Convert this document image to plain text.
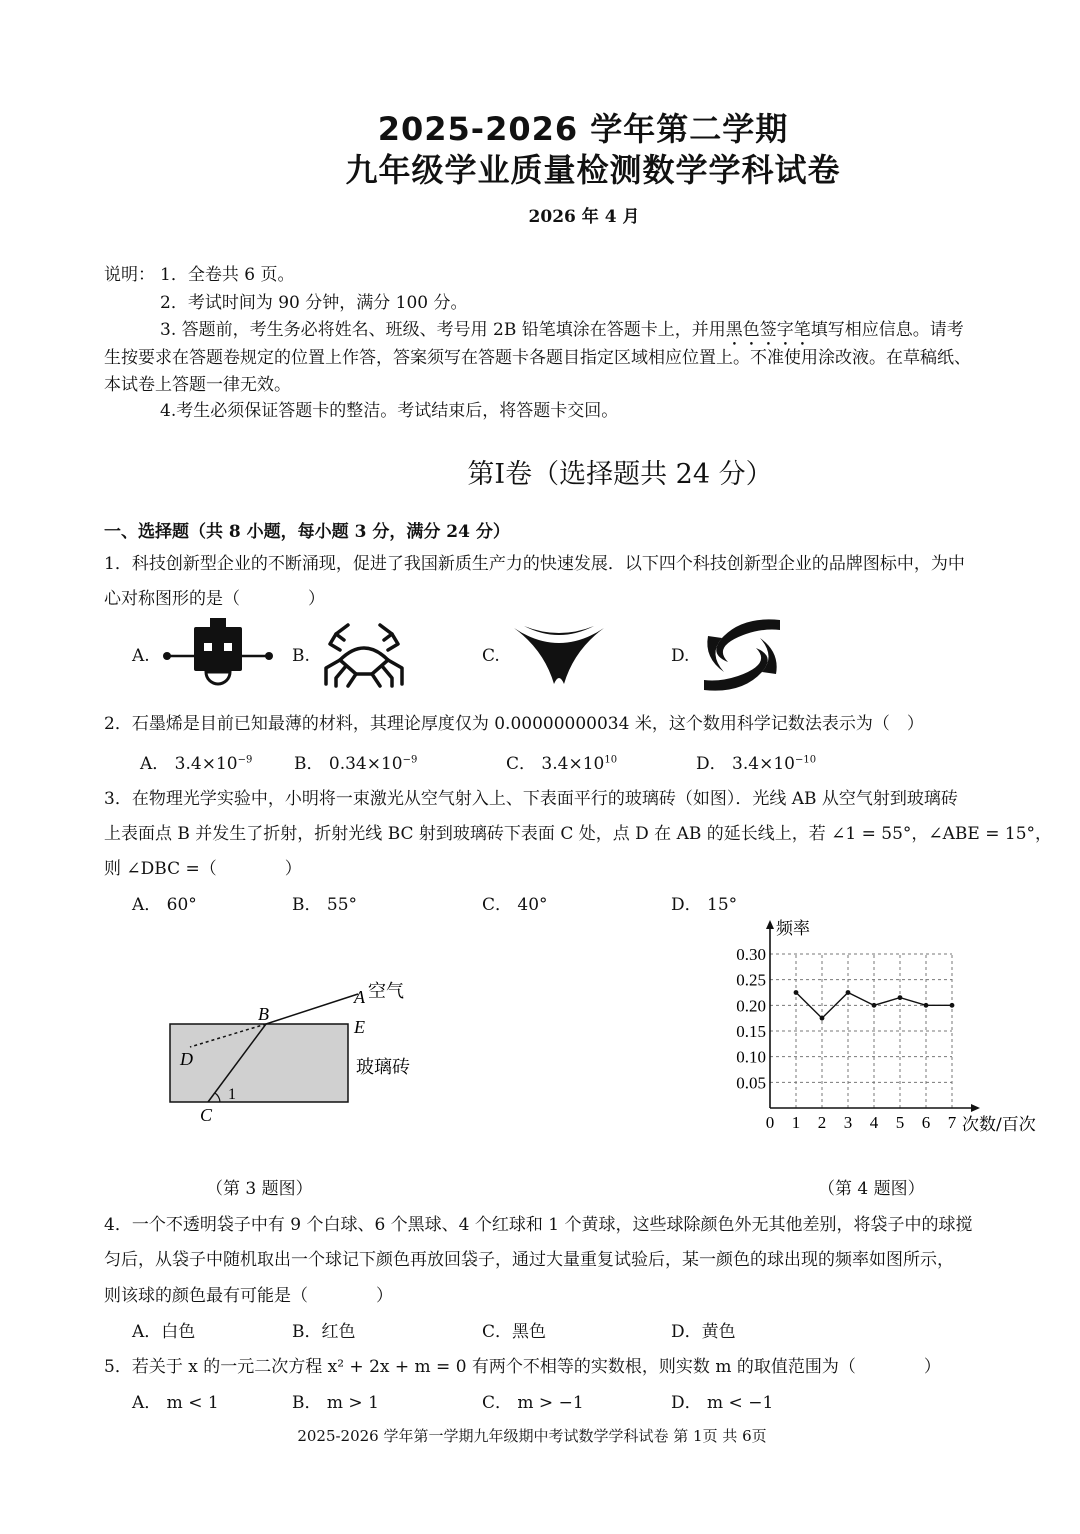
2025-2026 学年第二学期
九年级学业质量检测数学学科试卷
2026 年 4 月
说明： 1．全卷共 6 页。
2．考试时间为 90 分钟，满分 100 分。
3. 答题前，考生务必将姓名、班级、考号用 2B 铅笔填涂在答题卡上，并用黑色签字笔填写相应信息。请考
生按要求在答题卷规定的位置上作答，答案须写在答题卡各题目指定区域相应位置上。不准使用涂改液。在草稿纸、
本试卷上答题一律无效。
4.考生必须保证答题卡的整洁。考试结束后，将答题卡交回。
第Ⅰ卷（选择题共 24 分）
一、选择题（共 8 小题，每小题 3 分，满分 24 分）
1．科技创新型企业的不断涌现，促进了我国新质生产力的快速发展．以下四个科技创新型企业的品牌图标中，为中
心对称图形的是（　　　　）
A.	B.	C.	D.
2．石墨烯是目前已知最薄的材料，其理论厚度仅为 0.00000000034 米，这个数用科学记数法表示为（　）
A． $3.4\times 10^{-9}$ B． $0.34\times 10^{-9}$	C． $3.4\times 10^{10}$	D． $3.4\times 10^{-10}$
3．在物理光学实验中，小明将一束激光从空气射入上、下表面平行的玻璃砖（如图）．光线 AB 从空气射到玻璃砖
上表面点 B 并发生了折射，折射光线 BC 射到玻璃砖下表面 C 处，点 D 在 AB 的延长线上，若 ∠1 = 55°，∠ABE = 15°，
则 ∠DBC =（　　　　）
A． 60°	B． 55°	C． 40°	D． 15°
A 空气
B
E
D	玻璃砖
1
C
（第 3 题图）
0.05
0.10
0.15
0.20
0.25
0.30
0 1 2 3 4 5 6 7
频率
次数/百次
（第 4 题图）
4．一个不透明袋子中有 9 个白球、6 个黑球、4 个红球和 1 个黄球，这些球除颜色外无其他差别，将袋子中的球搅
匀后，从袋子中随机取出一个球记下颜色再放回袋子，通过大量重复试验后，某一颜色的球出现的频率如图所示，
则该球的颜色最有可能是（　　　　）
A．白色	B．红色	C．黑色	D．黄色
5．若关于 x 的一元二次方程 x² + 2x + m = 0 有两个不相等的实数根，则实数 m 的取值范围为（　　　　）
A． m < 1	B． m > 1	C． m > −1	D． m < −1
2025-2026 学年第一学期九年级期中考试数学学科试卷 第 1页 共 6页
